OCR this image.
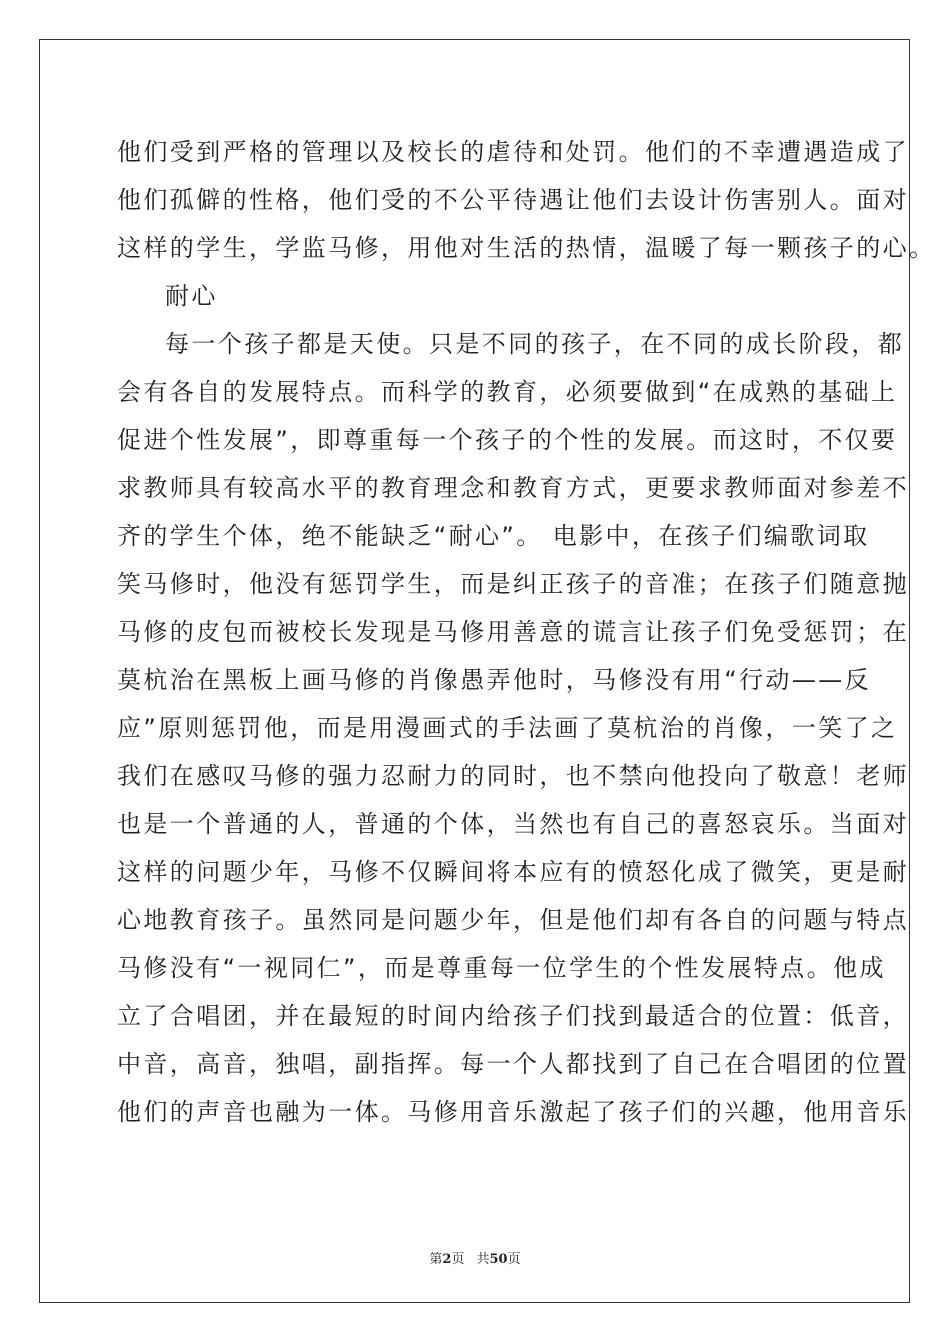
他们受到严格的管理以及校长的虐待和处罚。他们的不幸遭遇造成了
他们孤僻的性格，他们受的不公平待遇让他们去设计伤害别人。面对
这样的学生，学监马修，用他对生活的热情，温暖了每一颗孩子的心。
耐心
每一个孩子都是天使。只是不同的孩子，在不同的成长阶段，都
会有各自的发展特点。而科学的教育，必须要做到“在成熟的基础上
促进个性发展”，即尊重每一个孩子的个性的发展。而这时，不仅要
求教师具有较高水平的教育理念和教育方式，更要求教师面对参差不
齐的学生个体，绝不能缺乏“耐心”。 电影中，在孩子们编歌词取
笑马修时，他没有惩罚学生，而是纠正孩子的音准；在孩子们随意抛
马修的皮包而被校长发现是马修用善意的谎言让孩子们免受惩罚；在
莫杭治在黑板上画马修的肖像愚弄他时，马修没有用“行动——反
应”原则惩罚他，而是用漫画式的手法画了莫杭治的肖像，一笑了之
我们在感叹马修的强力忍耐力的同时，也不禁向他投向了敬意！老师
也是一个普通的人，普通的个体，当然也有自己的喜怒哀乐。当面对
这样的问题少年，马修不仅瞬间将本应有的愤怒化成了微笑，更是耐
心地教育孩子。虽然同是问题少年，但是他们却有各自的问题与特点
马修没有“一视同仁”，而是尊重每一位学生的个性发展特点。他成
立了合唱团，并在最短的时间内给孩子们找到最适合的位置：低音，
中音，高音，独唱，副指挥。每一个人都找到了自己在合唱团的位置
他们的声音也融为一体。马修用音乐激起了孩子们的兴趣，他用音乐
第2页 共50页
